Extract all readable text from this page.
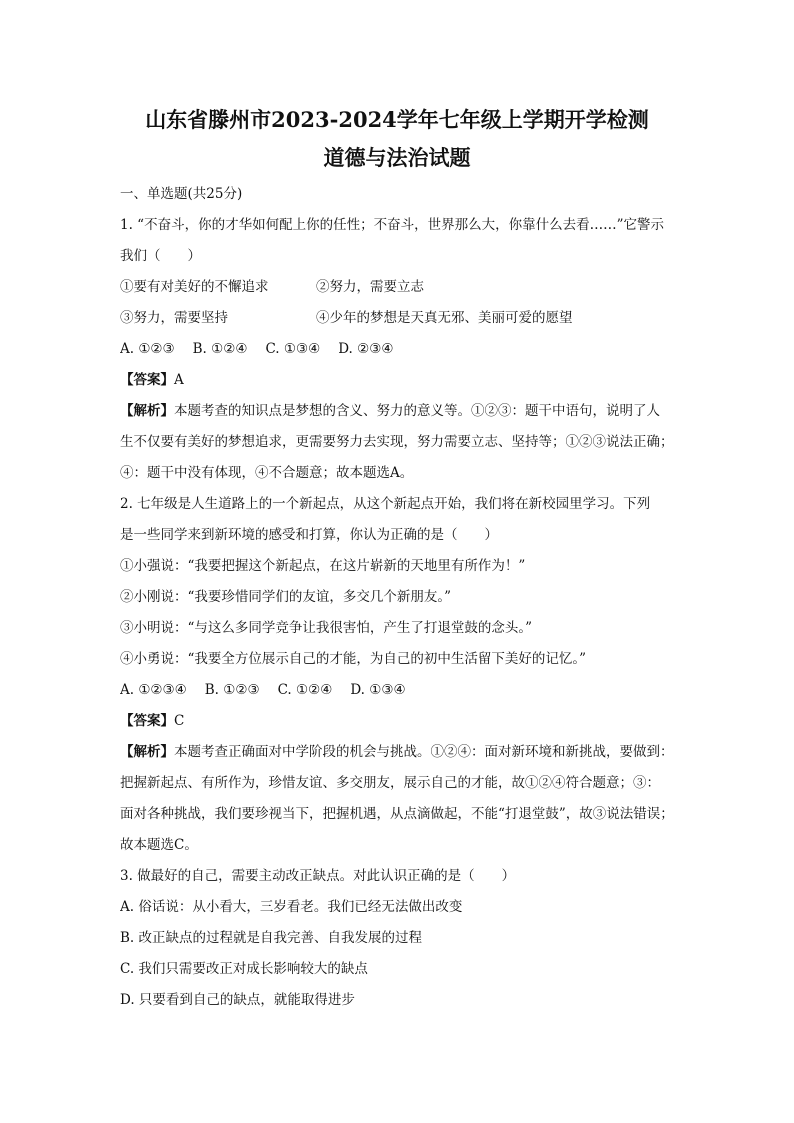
山东省滕州市2023-2024学年七年级上学期开学检测
道德与法治试题
一、单选题(共25分)
1. “不奋斗，你的才华如何配上你的任性；不奋斗，世界那么大，你靠什么去看……”它警示
我们（　　）
①要有对美好的不懈追求	②努力，需要立志
③努力，需要坚持	④少年的梦想是天真无邪、美丽可爱的愿望
A. ①②③ B. ①②④ C. ①③④ D. ②③④
【答案】A
【解析】本题考查的知识点是梦想的含义、努力的意义等。①②③：题干中语句，说明了人
生不仅要有美好的梦想追求，更需要努力去实现，努力需要立志、坚持等；①②③说法正确；
④：题干中没有体现，④不合题意；故本题选A。
2. 七年级是人生道路上的一个新起点，从这个新起点开始，我们将在新校园里学习。下列
是一些同学来到新环境的感受和打算，你认为正确的是（　　）
①小强说：“我要把握这个新起点，在这片崭新的天地里有所作为！”
②小刚说：“我要珍惜同学们的友谊，多交几个新朋友。”
③小明说：“与这么多同学竞争让我很害怕，产生了打退堂鼓的念头。”
④小勇说：“我要全方位展示自己的才能，为自己的初中生活留下美好的记忆。”
A. ①②③④ B. ①②③ C. ①②④ D. ①③④
【答案】C
【解析】本题考查正确面对中学阶段的机会与挑战。①②④：面对新环境和新挑战，要做到：
把握新起点、有所作为，珍惜友谊、多交朋友，展示自己的才能，故①②④符合题意；③：
面对各种挑战，我们要珍视当下，把握机遇，从点滴做起，不能“打退堂鼓”，故③说法错误；
故本题选C。
3. 做最好的自己，需要主动改正缺点。对此认识正确的是（　　）
A. 俗话说：从小看大，三岁看老。我们已经无法做出改变
B. 改正缺点的过程就是自我完善、自我发展的过程
C. 我们只需要改正对成长影响较大的缺点
D. 只要看到自己的缺点，就能取得进步
